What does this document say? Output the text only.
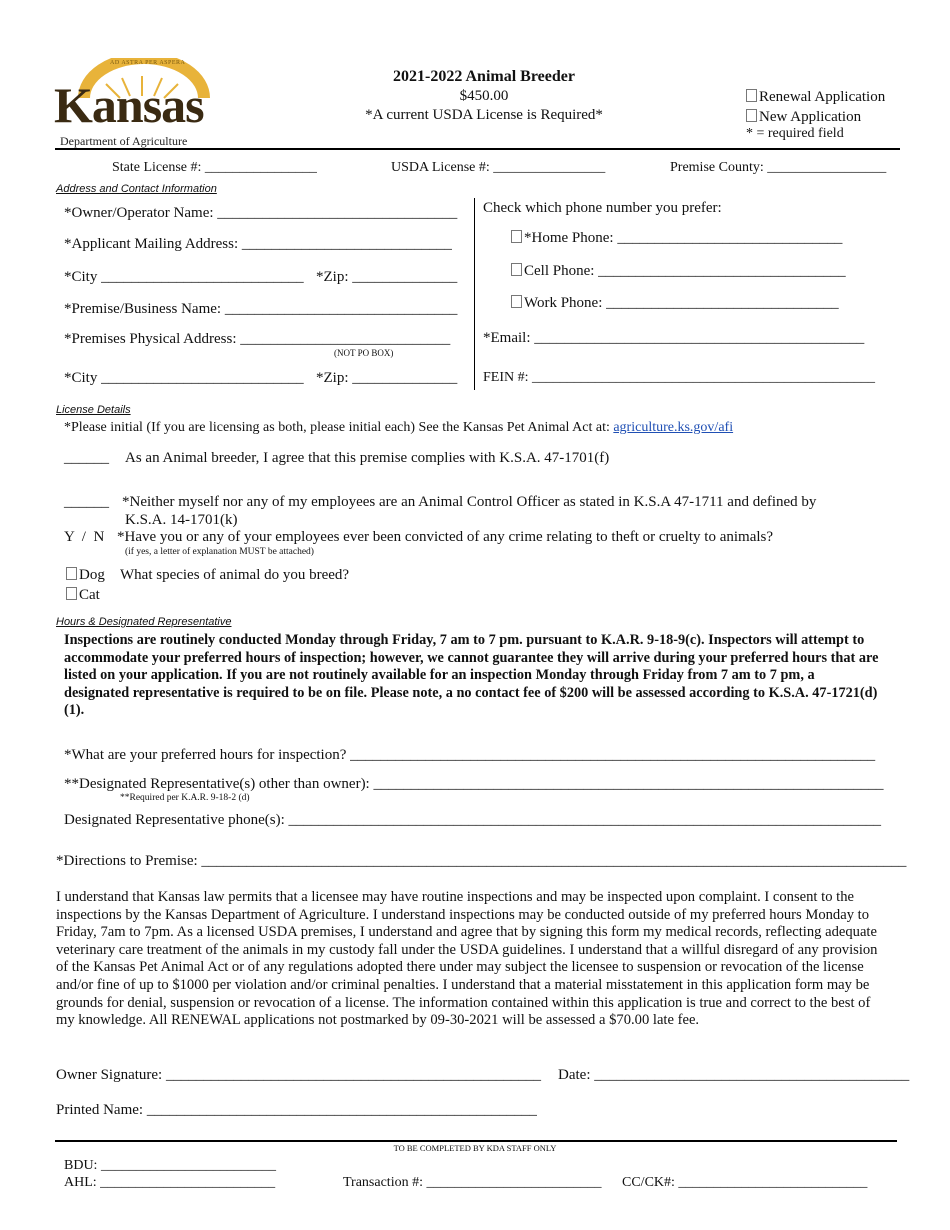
AD ASTRA PER ASPERA
Kansas
Department of Agriculture
2021-2022 Animal Breeder
$450.00
*A current USDA License is Required*
Renewal Application
New Application
* = required field
State License #: ________________	USDA License #: ________________	Premise County: _________________
Address and Contact Information
*Owner/Operator Name: ________________________________
*Applicant Mailing Address: ____________________________
*City ___________________________ *Zip: ______________
*Premise/Business Name: _______________________________
*Premises Physical Address: ____________________________
(NOT PO BOX)
*City ___________________________ *Zip: ______________
Check which phone number you prefer:
*Home Phone: ______________________________
Cell Phone: _________________________________
Work Phone: _______________________________
*Email: ____________________________________________
FEIN #: _________________________________________________
License Details
*Please initial (If you are licensing as both, please initial each) See the Kansas Pet Animal Act at: agriculture.ks.gov/afi
______ As an Animal breeder, I agree that this premise complies with K.S.A. 47-1701(f)
______ *Neither myself nor any of my employees are an Animal Control Officer as stated in K.S.A 47-1711 and defined by
K.S.A. 14-1701(k)
Y  /  N *Have you or any of your employees ever been convicted of any crime relating to theft or cruelty to animals?
(if yes, a letter of explanation MUST be attached)
Dog What species of animal do you breed?
Cat
Hours & Designated Representative
Inspections are routinely conducted Monday through Friday, 7 am to 7 pm. pursuant to K.A.R. 9-18-9(c). Inspectors will attempt to accommodate your preferred hours of inspection; however, we cannot guarantee they will arrive during your preferred hours that are listed on your application. If you are not routinely available for an inspection Monday through Friday from 7 am to 7 pm, a designated representative is required to be on file. Please note, a no contact fee of $200 will be assessed according to K.S.A. 47-1721(d)(1).
*What are your preferred hours for inspection? ______________________________________________________________________
**Designated Representative(s) other than owner): ____________________________________________________________________
**Required per K.A.R. 9-18-2 (d)
Designated Representative phone(s): _______________________________________________________________________________
*Directions to Premise: ______________________________________________________________________________________________
I understand that Kansas law permits that a licensee may have routine inspections and may be inspected upon complaint. I consent to the inspections by the Kansas Department of Agriculture. I understand inspections may be conducted outside of my preferred hours Monday to Friday, 7am to 7pm. As a licensed USDA premises, I understand and agree that by signing this form my medical records, reflecting adequate veterinary care treatment of the animals in my custody fall under the USDA guidelines. I understand that a willful disregard of any provision of the Kansas Pet Animal Act or of any regulations adopted there under may subject the licensee to suspension or revocation of the license and/or fine of up to $1000 per violation and/or criminal penalties. I understand that a material misstatement in this application form may be grounds for denial, suspension or revocation of a license. The information contained within this application is true and correct to the best of my knowledge. All RENEWAL applications not postmarked by 09-30-2021 will be assessed a $70.00 late fee.
Owner Signature: __________________________________________________ Date: __________________________________________
Printed Name: ____________________________________________________
TO BE COMPLETED BY KDA STAFF ONLY
BDU: _________________________
AHL: _________________________	Transaction #: _________________________ CC/CK#: ___________________________
